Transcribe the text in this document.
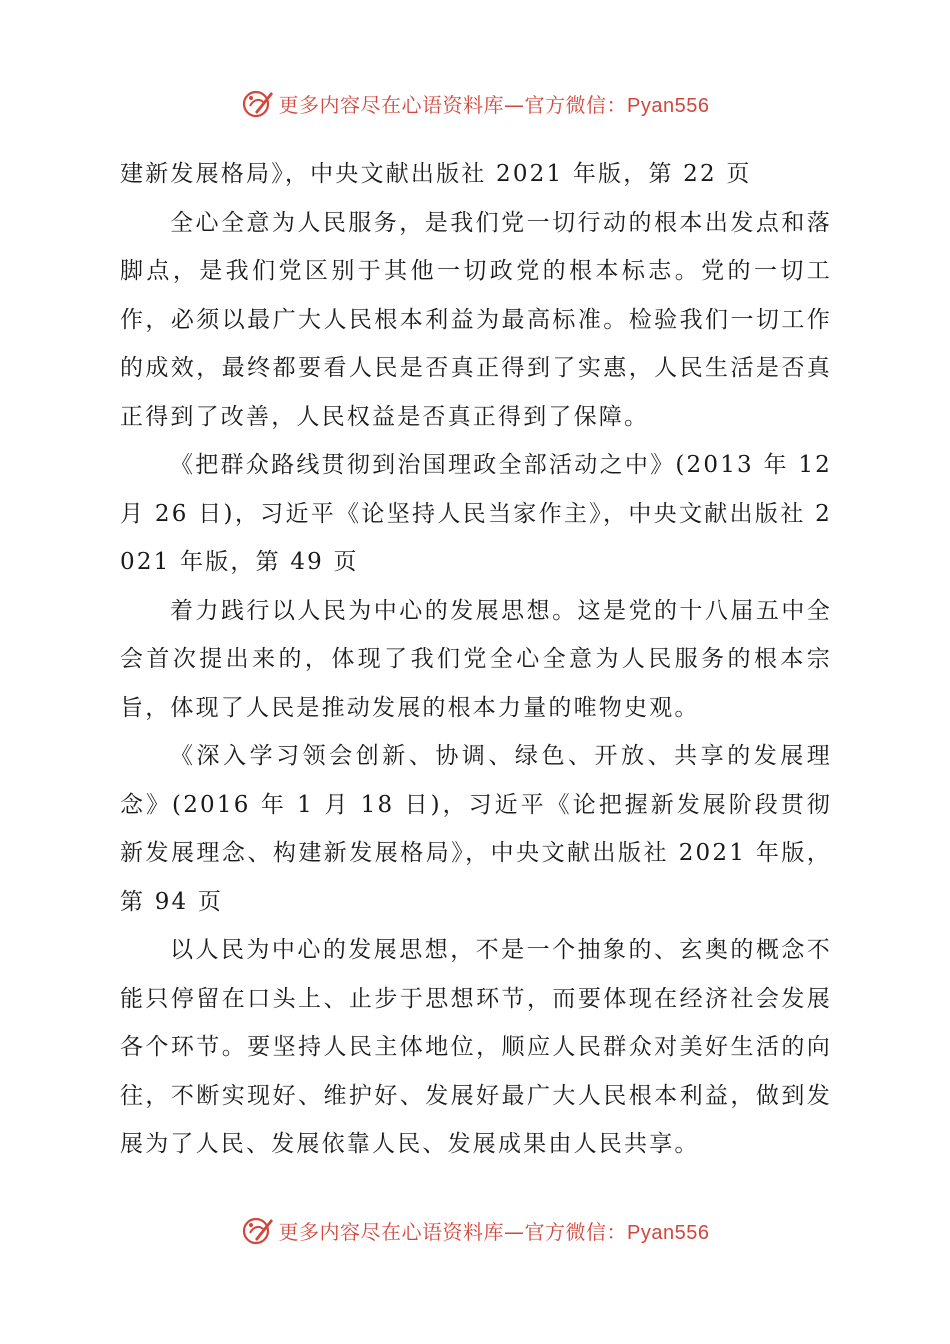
更多内容尽在心语资料库—官方微信：Pyan556

建新发展格局》，中央文献出版社 2021 年版，第 22 页

全心全意为人民服务，是我们党一切行动的根本出发点和落脚点，是我们党区别于其他一切政党的根本标志。党的一切工作，必须以最广大人民根本利益为最高标准。检验我们一切工作的成效，最终都要看人民是否真正得到了实惠，人民生活是否真正得到了改善，人民权益是否真正得到了保障。

《把群众路线贯彻到治国理政全部活动之中》(2013 年 12 月 26 日)，习近平《论坚持人民当家作主》，中央文献出版社 2021 年版，第 49 页

着力践行以人民为中心的发展思想。这是党的十八届五中全会首次提出来的，体现了我们党全心全意为人民服务的根本宗旨，体现了人民是推动发展的根本力量的唯物史观。

《深入学习领会创新、协调、绿色、开放、共享的发展理念》(2016 年 1 月 18 日)，习近平《论把握新发展阶段贯彻新发展理念、构建新发展格局》，中央文献出版社 2021 年版，第 94 页

以人民为中心的发展思想，不是一个抽象的、玄奥的概念不能只停留在口头上、止步于思想环节，而要体现在经济社会发展各个环节。要坚持人民主体地位，顺应人民群众对美好生活的向往，不断实现好、维护好、发展好最广大人民根本利益，做到发展为了人民、发展依靠人民、发展成果由人民共享。

更多内容尽在心语资料库—官方微信：Pyan556
